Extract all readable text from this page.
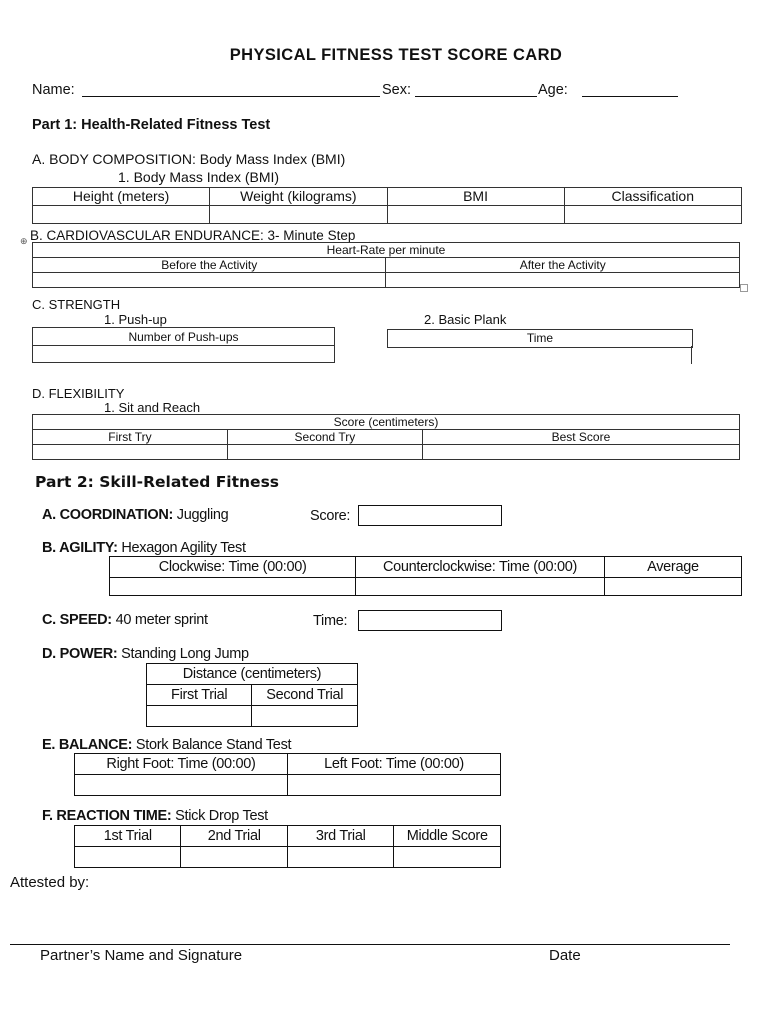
PHYSICAL FITNESS TEST SCORE CARD
Name:	Sex:	Age:
Part 1: Health-Related Fitness Test
A. BODY COMPOSITION: Body Mass Index (BMI)
1. Body Mass Index (BMI)
Height (meters)	Weight (kilograms)	BMI	Classification

⊕ B. CARDIOVASCULAR ENDURANCE: 3- Minute Step
Heart-Rate per minute	
Before the Activity	After the Activity

C. STRENGTH
1. Push-up	2. Basic Plank
Number of Push-ups	Time
D. FLEXIBILITY
1. Sit and Reach
Score (centimeters)		
First Try	Second Try	Best Score

Part 2: Skill-Related Fitness
A. COORDINATION: Juggling	Score:
B. AGILITY: Hexagon Agility Test
Clockwise: Time (00:00)	Counterclockwise: Time (00:00)	Average

C. SPEED: 40 meter sprint	Time:
D. POWER: Standing Long Jump
Distance (centimeters)	
First Trial	Second Trial

E. BALANCE: Stork Balance Stand Test
Right Foot: Time (00:00)	Left Foot: Time (00:00)

F. REACTION TIME: Stick Drop Test
1st Trial	2nd Trial	3rd Trial	Middle Score

Attested by:
Partner’s Name and Signature	Date
